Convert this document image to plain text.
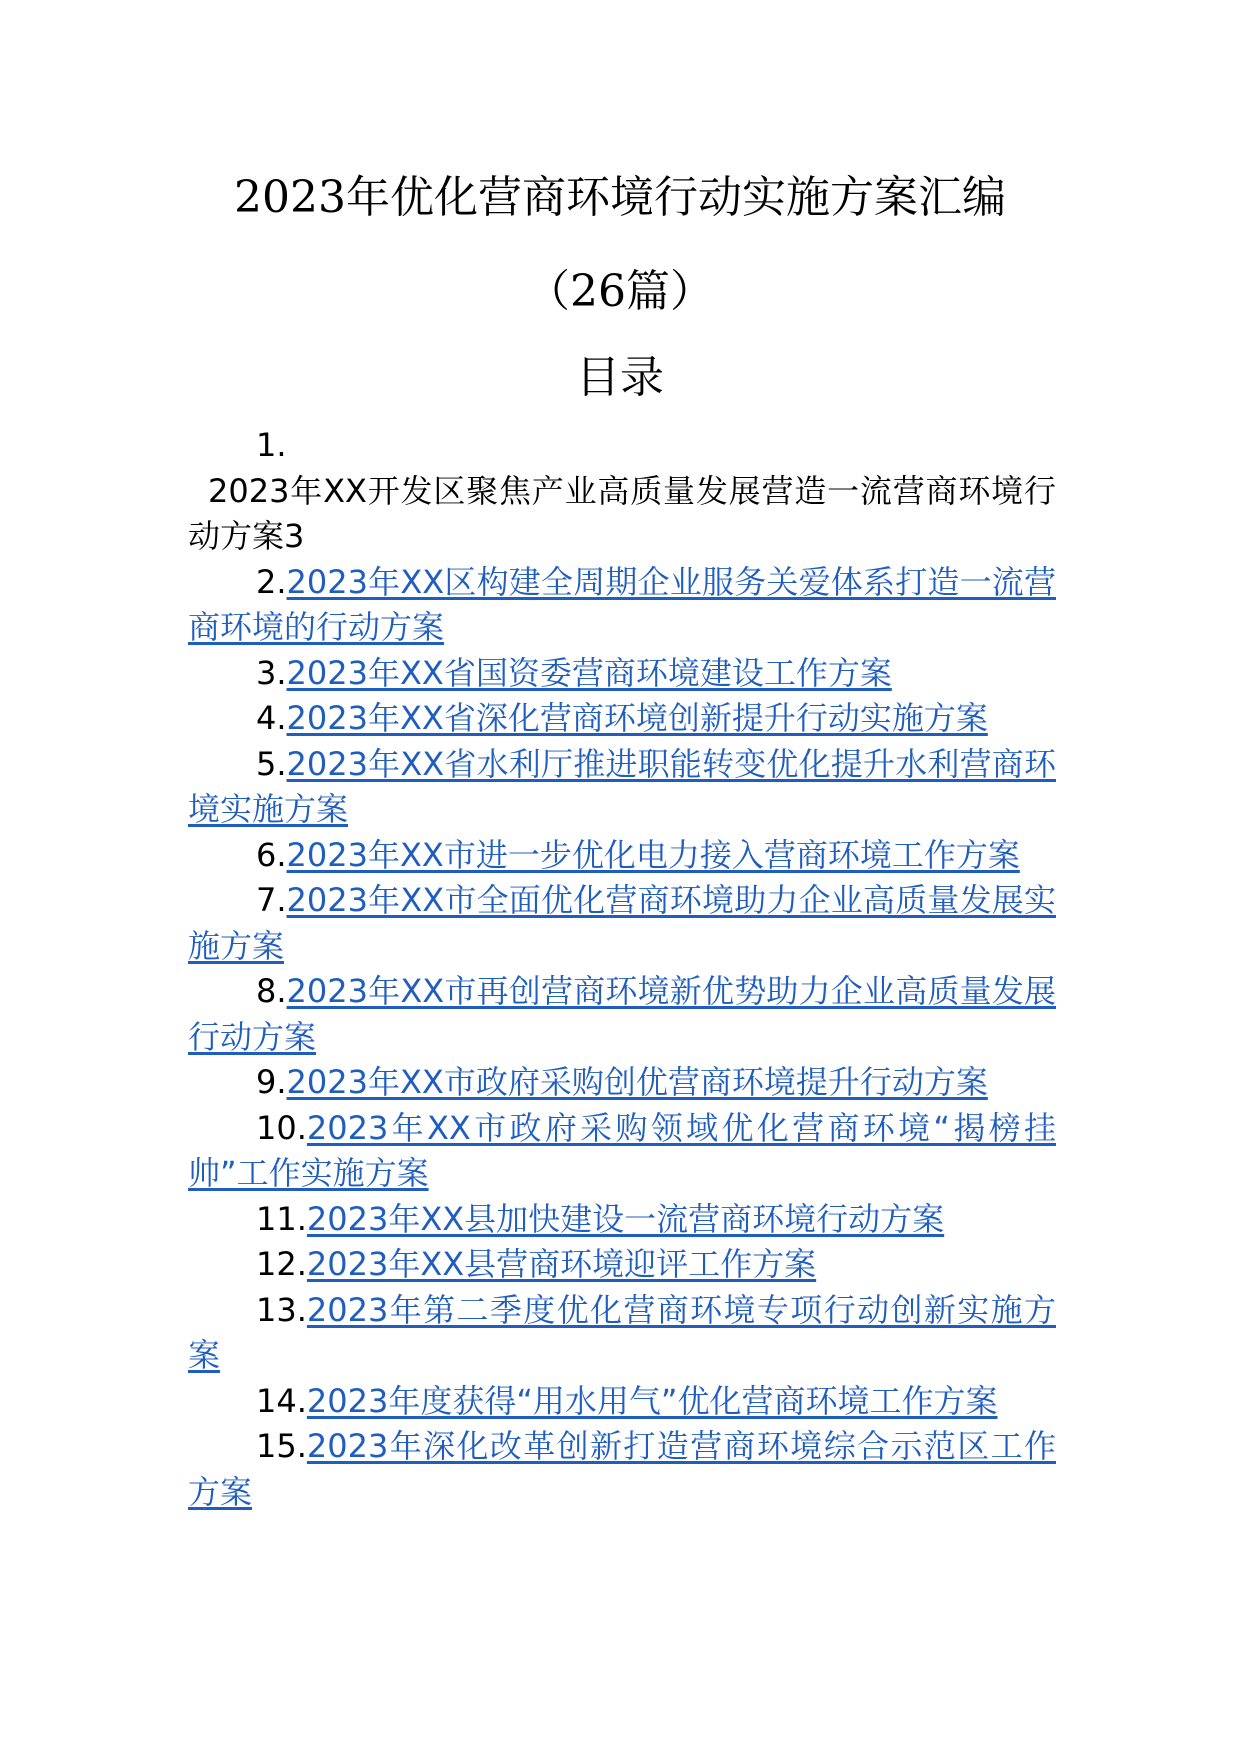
2023年优化营商环境行动实施方案汇编
（26篇）
目录

1.

2023年XX开发区聚焦产业高质量发展营造一流营商环境行动方案3

2.2023年XX区构建全周期企业服务关爱体系打造一流营商环境的行动方案

3.2023年XX省国资委营商环境建设工作方案

4.2023年XX省深化营商环境创新提升行动实施方案

5.2023年XX省水利厅推进职能转变优化提升水利营商环境实施方案

6.2023年XX市进一步优化电力接入营商环境工作方案

7.2023年XX市全面优化营商环境助力企业高质量发展实施方案

8.2023年XX市再创营商环境新优势助力企业高质量发展行动方案

9.2023年XX市政府采购创优营商环境提升行动方案

10.2023年XX市政府采购领域优化营商环境“揭榜挂帅”工作实施方案

11.2023年XX县加快建设一流营商环境行动方案

12.2023年XX县营商环境迎评工作方案

13.2023年第二季度优化营商环境专项行动创新实施方案

14.2023年度获得“用水用气”优化营商环境工作方案

15.2023年深化改革创新打造营商环境综合示范区工作方案
